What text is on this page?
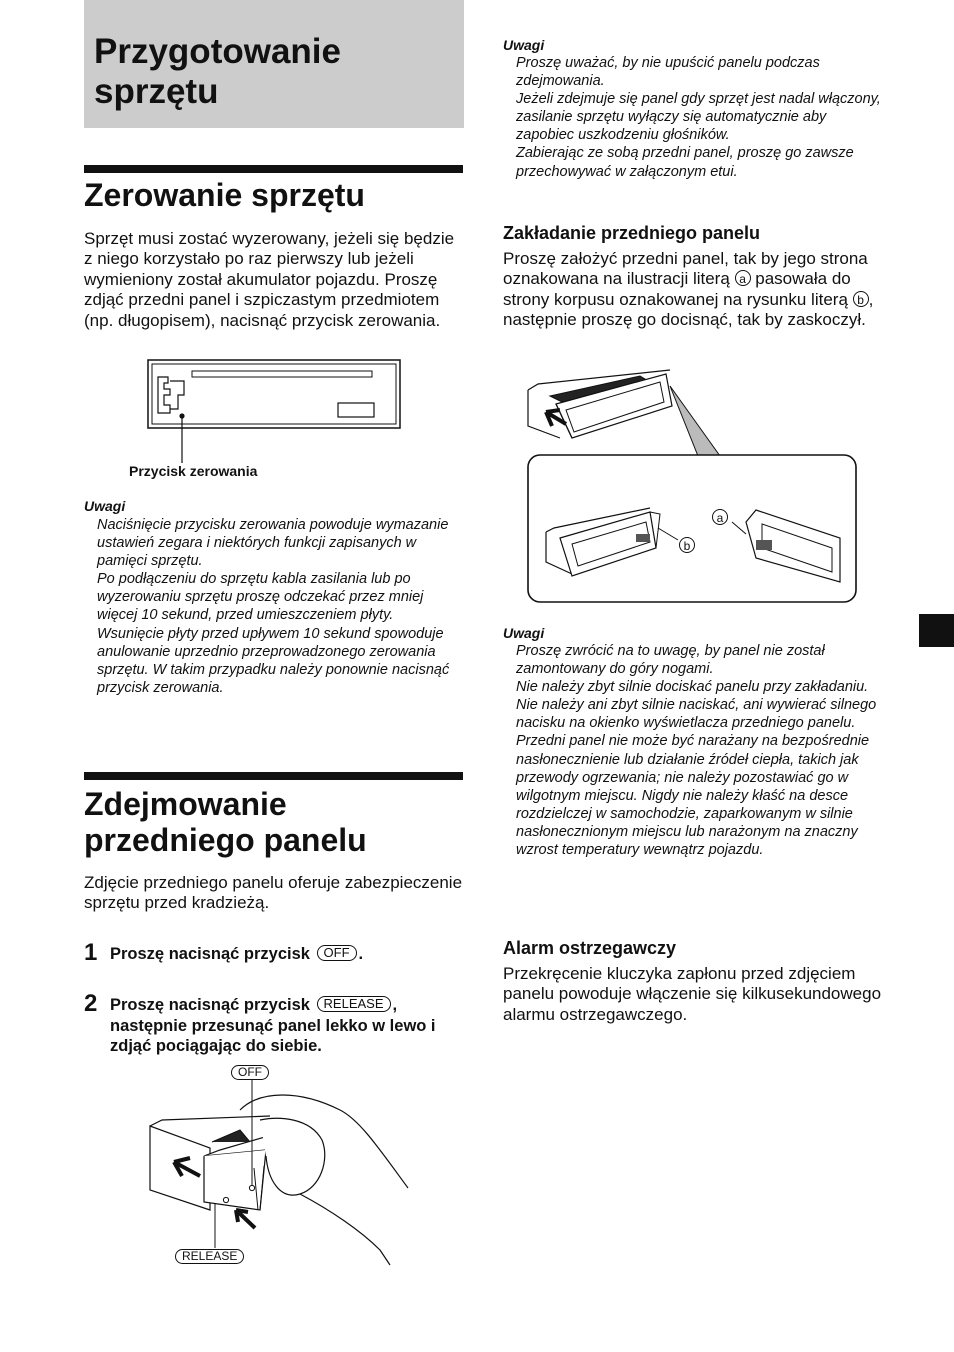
Przygotowanie sprzętu
Zerowanie sprzętu

Sprzęt musi zostać wyzerowany, jeżeli się będzie z niego korzystało po raz pierwszy lub jeżeli wymieniony został akumulator pojazdu. Proszę zdjąć przedni panel i szpiczastym przedmiotem (np. długopisem), nacisnąć przycisk zerowania.

Przycisk zerowania

Uwagi

Naciśnięcie przycisku zerowania powoduje wymazanie ustawień zegara i niektórych funkcji zapisanych w pamięci sprzętu.
Po podłączeniu do sprzętu kabla zasilania lub po wyzerowaniu sprzętu proszę odczekać przez mniej więcej 10 sekund, przed umieszczeniem płyty. Wsunięcie płyty przed upływem 10 sekund spowoduje anulowanie uprzednio przeprowadzonego zerowania sprzętu. W takim przypadku należy ponownie nacisnąć przycisk zerowania.
Zdejmowanie przedniego panelu

Zdjęcie przedniego panelu oferuje zabezpieczenie sprzętu przed kradzieżą.

1 Proszę nacisnąć przycisk OFF .

2 Proszę nacisnąć przycisk RELEASE , następnie przesunąć panel lekko w lewo i zdjąć pociągając do siebie.

OFF
RELEASE

Uwagi

Proszę uważać, by nie upuścić panelu podczas zdejmowania.
Jeżeli zdejmuje się panel gdy sprzęt jest nadal włączony, zasilanie sprzętu wyłączy się automatycznie aby zapobiec uszkodzeniu głośników.
Zabierając ze sobą przedni panel, proszę go zawsze przechowywać w załączonym etui.
Zakładanie przedniego panelu

Proszę założyć przedni panel, tak by jego strona oznakowana na ilustracji literą a pasowała do strony korpusu oznakowanej na rysunku literą b , następnie proszę go docisnąć, tak by zaskoczył.

a
b

Uwagi

Proszę zwrócić na to uwagę, by panel nie został zamontowany do góry nogami.
Nie należy zbyt silnie dociskać panelu przy zakładaniu.
Nie należy ani zbyt silnie naciskać, ani wywierać silnego nacisku na okienko wyświetlacza przedniego panelu.
Przedni panel nie może być narażany na bezpośrednie nasłonecznienie lub działanie źródeł ciepła, takich jak przewody ogrzewania; nie należy pozostawiać go w wilgotnym miejscu. Nigdy nie należy kłaść na desce rozdzielczej w samochodzie, zaparkowanym w silnie nasłonecznionym miejscu lub narażonym na znaczny wzrost temperatury wewnątrz pojazdu.
Alarm ostrzegawczy

Przekręcenie kluczyka zapłonu przed zdjęciem panelu powoduje włączenie się kilkusekundowego alarmu ostrzegawczego.
